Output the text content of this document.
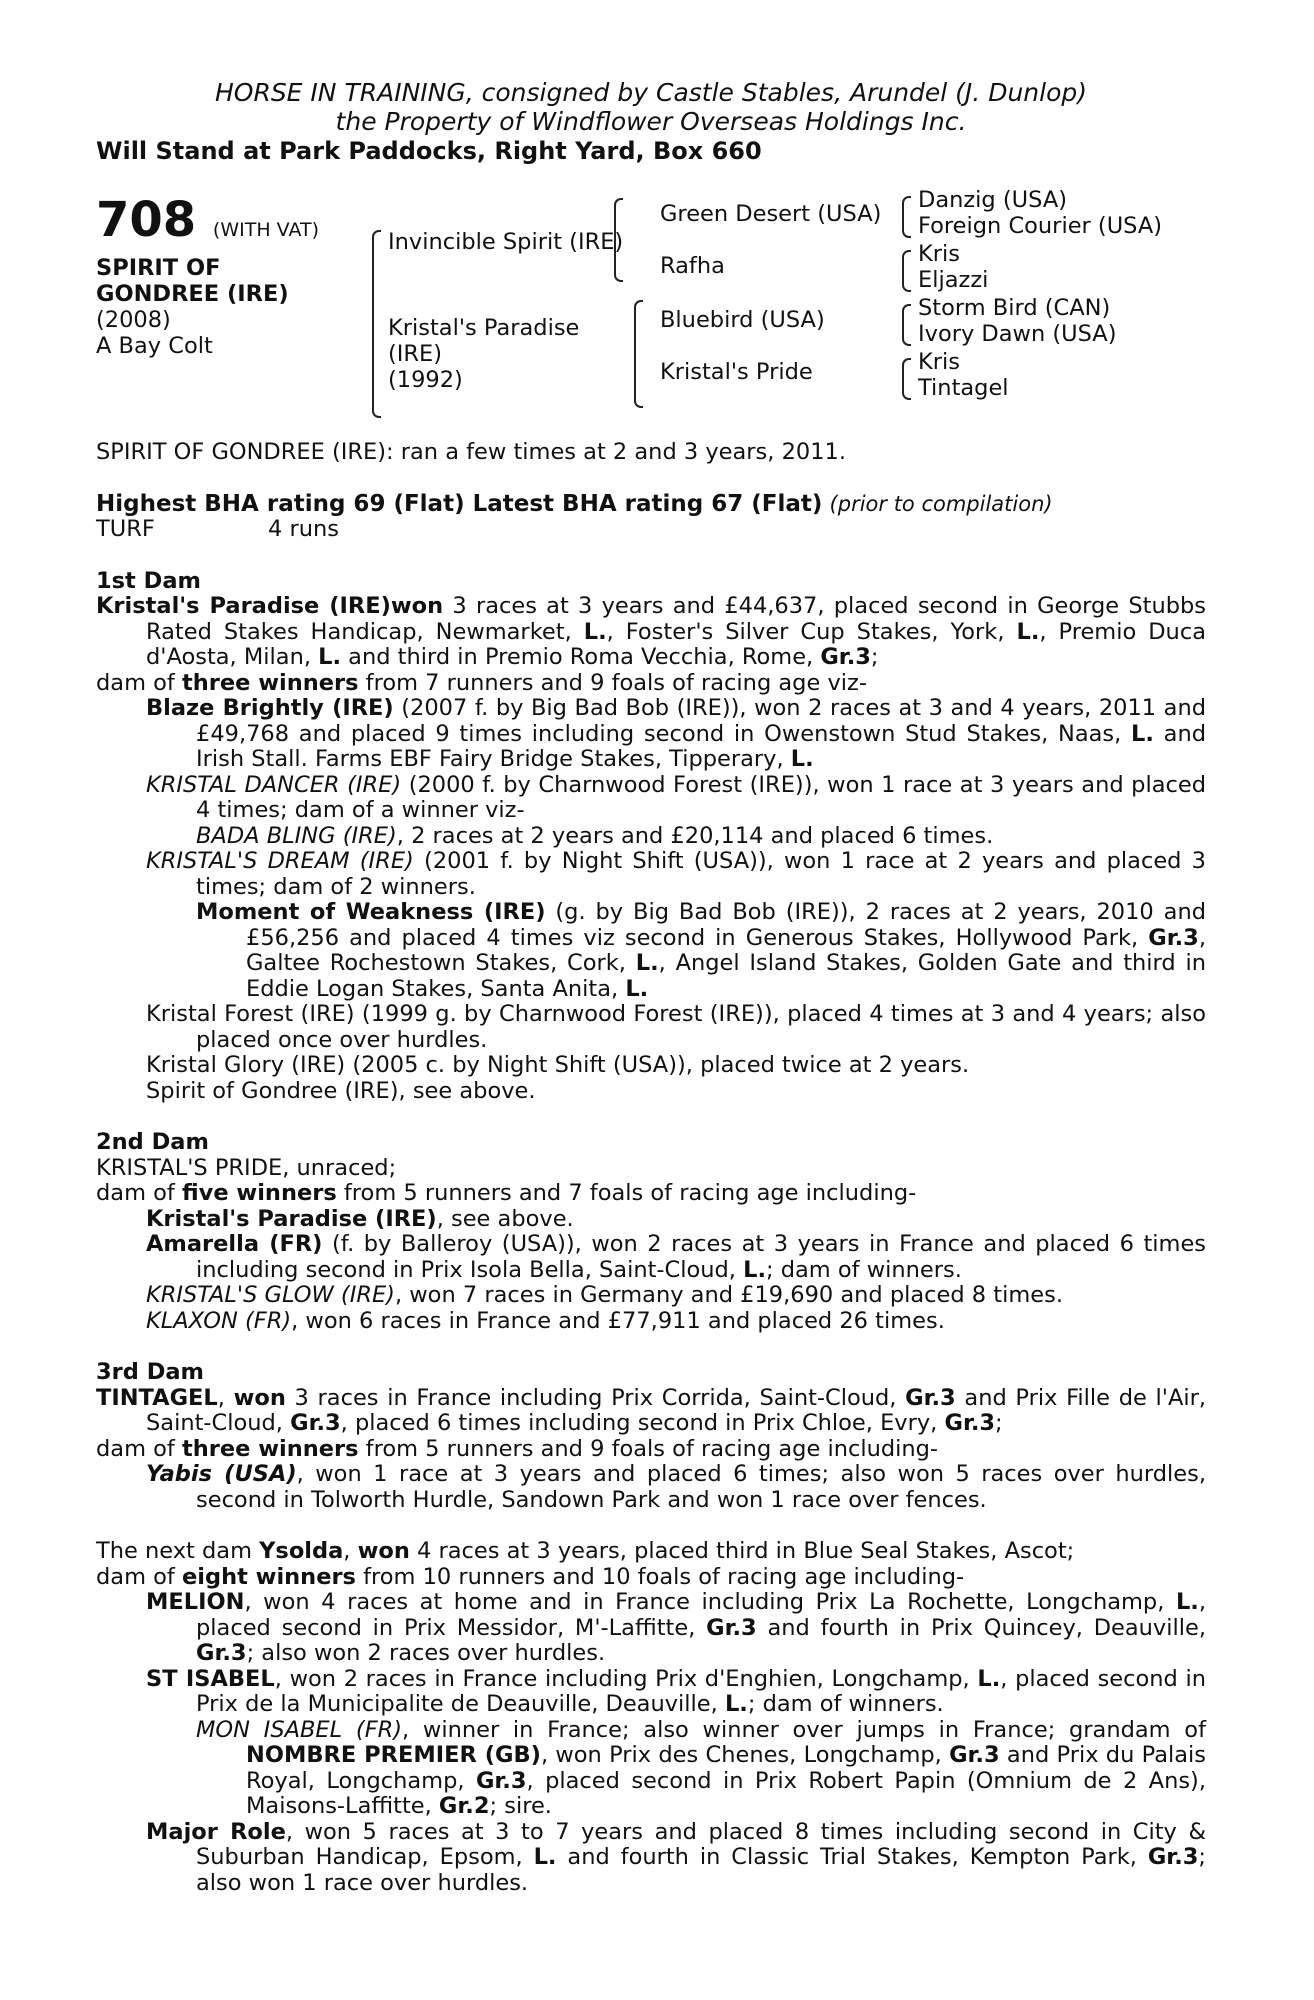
HORSE IN TRAINING, consigned by Castle Stables, Arundel (J. Dunlop)
the Property of Windflower Overseas Holdings Inc.
Will Stand at Park Paddocks, Right Yard, Box 660
708 (WITH VAT)
SPIRIT OF
GONDREE (IRE)
(2008)
A Bay Colt
Invincible Spirit (IRE)
Kristal's Paradise
(IRE)
(1992)
Green Desert (USA)
Rafha
Bluebird (USA)
Kristal's Pride
Danzig (USA)
Foreign Courier (USA)
Kris
Eljazzi
Storm Bird (CAN)
Ivory Dawn (USA)
Kris
Tintagel

SPIRIT OF GONDREE (IRE): ran a few times at 2 and 3 years, 2011.

Highest BHA rating 69 (Flat) Latest BHA rating 67 (Flat) (prior to compilation)

TURF	4 runs

1st Dam

Kristal's Paradise (IRE)won 3 races at 3 years and £44,637, placed second in George Stubbs Rated Stakes Handicap, Newmarket, L., Foster's Silver Cup Stakes, York, L., Premio Duca d'Aosta, Milan, L. and third in Premio Roma Vecchia, Rome, Gr.3;

dam of three winners from 7 runners and 9 foals of racing age viz-

Blaze Brightly (IRE) (2007 f. by Big Bad Bob (IRE)), won 2 races at 3 and 4 years, 2011 and £49,768 and placed 9 times including second in Owenstown Stud Stakes, Naas, L. and Irish Stall. Farms EBF Fairy Bridge Stakes, Tipperary, L.

KRISTAL DANCER (IRE) (2000 f. by Charnwood Forest (IRE)), won 1 race at 3 years and placed 4 times; dam of a winner viz-

BADA BLING (IRE), 2 races at 2 years and £20,114 and placed 6 times.

KRISTAL'S DREAM (IRE) (2001 f. by Night Shift (USA)), won 1 race at 2 years and placed 3 times; dam of 2 winners.

Moment of Weakness (IRE) (g. by Big Bad Bob (IRE)), 2 races at 2 years, 2010 and £56,256 and placed 4 times viz second in Generous Stakes, Hollywood Park, Gr.3, Galtee Rochestown Stakes, Cork, L., Angel Island Stakes, Golden Gate and third in Eddie Logan Stakes, Santa Anita, L.

Kristal Forest (IRE) (1999 g. by Charnwood Forest (IRE)), placed 4 times at 3 and 4 years; also placed once over hurdles.

Kristal Glory (IRE) (2005 c. by Night Shift (USA)), placed twice at 2 years.

Spirit of Gondree (IRE), see above.

2nd Dam

KRISTAL'S PRIDE, unraced;

dam of five winners from 5 runners and 7 foals of racing age including-

Kristal's Paradise (IRE), see above.

Amarella (FR) (f. by Balleroy (USA)), won 2 races at 3 years in France and placed 6 times including second in Prix Isola Bella, Saint-Cloud, L.; dam of winners.

KRISTAL'S GLOW (IRE), won 7 races in Germany and £19,690 and placed 8 times.

KLAXON (FR), won 6 races in France and £77,911 and placed 26 times.

3rd Dam

TINTAGEL, won 3 races in France including Prix Corrida, Saint-Cloud, Gr.3 and Prix Fille de l'Air, Saint-Cloud, Gr.3, placed 6 times including second in Prix Chloe, Evry, Gr.3;

dam of three winners from 5 runners and 9 foals of racing age including-

Yabis (USA), won 1 race at 3 years and placed 6 times; also won 5 races over hurdles, second in Tolworth Hurdle, Sandown Park and won 1 race over fences.

The next dam Ysolda, won 4 races at 3 years, placed third in Blue Seal Stakes, Ascot;

dam of eight winners from 10 runners and 10 foals of racing age including-

MELION, won 4 races at home and in France including Prix La Rochette, Longchamp, L., placed second in Prix Messidor, M'-Laffitte, Gr.3 and fourth in Prix Quincey, Deauville, Gr.3; also won 2 races over hurdles.

ST ISABEL, won 2 races in France including Prix d'Enghien, Longchamp, L., placed second in Prix de la Municipalite de Deauville, Deauville, L.; dam of winners.

MON ISABEL (FR), winner in France; also winner over jumps in France; grandam of NOMBRE PREMIER (GB), won Prix des Chenes, Longchamp, Gr.3 and Prix du Palais Royal, Longchamp, Gr.3, placed second in Prix Robert Papin (Omnium de 2 Ans), Maisons-Laffitte, Gr.2; sire.

Major Role, won 5 races at 3 to 7 years and placed 8 times including second in City & Suburban Handicap, Epsom, L. and fourth in Classic Trial Stakes, Kempton Park, Gr.3; also won 1 race over hurdles.
